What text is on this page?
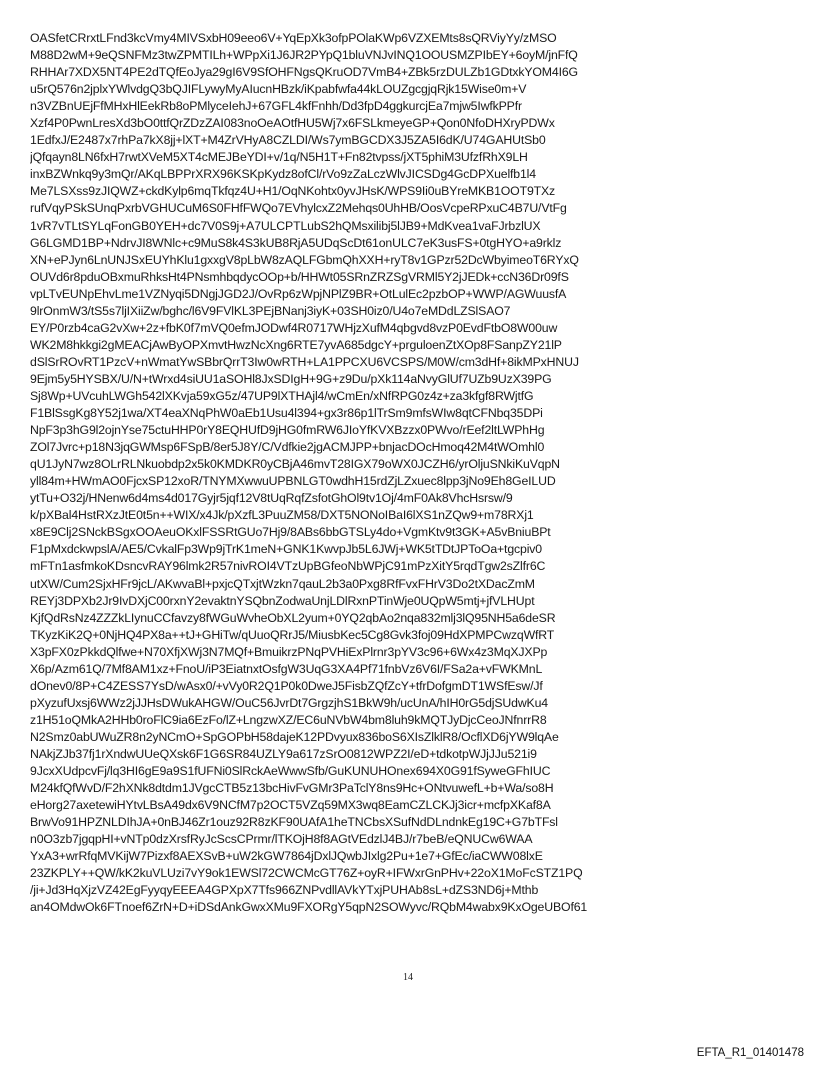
OASfetCRrxtLFnd3kcVmy4MIVSxbH09eeo6V+YqEpXk3ofpPOlaKWp6VZXEMts8sQRViyYy/zMSO
M88D2wM+9eQSNFMz3twZPMTILh+WPpXi1J6JR2PYpQ1bluVNJvINQ1OOUSMZPIbEY+6oyM/jnFfQ
RHHAr7XDX5NT4PE2dTQfEoJya29gI6V9SfOHFNgsQKruOD7VmB4+ZBk5rzDULZb1GDtxkYOM4I6G
u5rQ576n2jplxYWlvdgQ3bQJIFLywyMyAIucnHBzk/iKpabfwfa44kLOUZgcgjqRjk15Wise0m+V
n3VZBnUEjFfMHxHlEekRb8oPMlyceIehJ+67GFL4kfFnhh/Dd3fpD4ggkurcjEa7mjw5IwfkPPfr
Xzf4P0PwnLresXd3bO0ttfQrZDzZAI083noOeAOtfHU5Wj7x6FSLkmeyeGP+Qon0NfoDHXryPDWx
1EdfxJ/E2487x7rhPa7kX8jj+lXT+M4ZrVHyA8CZLDI/Ws7ymBGCDX3J5ZA5I6dK/U74GAHUtSb0
jQfqayn8LN6fxH7rwtXVeM5XT4cMEJBeYDI+v/1q/N5H1T+Fn82tvpss/jXT5phiM3UfzfRhX9LH
inxBZWnkq9y3mQr/AKqLBPPrXRX96KSKpKydz8ofCl/rVo9zZaLczWlvJICSDg4GcDPXuelfb1l4
Me7LSXss9zJIQWZ+ckdKylp6mqTkfqz4U+H1/OqNKohtx0yvJHsK/WPS9Ii0uBYreMKB1OOT9TXz
rufVqyPSkSUnqPxrbVGHUCuM6S0FHfFWQo7EVhylcxZ2Mehqs0UhHB/OosVcpeRPxuC4B7U/VtFg
1vR7vTLtSYLqFonGB0YEH+dc7V0S9j+A7ULCPTLubS2hQMsxilibj5lJB9+MdKvea1vaFJrbzlUX
G6LGMD1BP+NdrvJI8WNlc+c9MuS8k4S3kUB8RjA5UDqScDt61onULC7eK3usFS+0tgHYO+a9rklz
XN+ePJyn6LnUNJSxEUYhKlu1gxxgV8pLbW8zAQLFGbmQhXXH+ryT8v1GPzr52DcWbyimeoT6RYxQ
OUVd6r8pduOBxmuRhksHt4PNsmhbqdycOOp+b/HHWt05SRnZRZSgVRMl5Y2jJEDk+ccN36Dr09fS
vpLTvEUNpEhvLme1VZNyqi5DNgjJGD2J/OvRp6zWpjNPlZ9BR+OtLulEc2pzbOP+WWP/AGWuusfA
9lrOnmW3/tS5s7ljIXiiZw/bghc/l6V9FVlKL3PEjBNanj3iyK+03SH0iz0/U4o7eMDdLZSlSAO7
EY/P0rzb4caG2vXw+2z+fbK0f7mVQ0efmJODwf4R0717WHjzXufM4qbgvd8vzP0EvdFtbO8W00uw
WK2M8hkkgi2gMEACjAwByOPXmvtHwzNcXng6RTE7yvA685dgcY+prguloenZtXOp8FSanpZY21lP
dSlSrROvRT1PzcV+nWmatYwSBbrQrrT3Iw0wRTH+LA1PPCXU6VCSPS/M0W/cm3dHf+8ikMPxHNUJ
9Ejm5y5HYSBX/U/N+tWrxd4siUU1aSOHl8JxSDIgH+9G+z9Du/pXk114aNvyGlUf7UZb9UzX39PG
Sj8Wp+UVcuhLWGh542lXKvja59xG5z/47UP9lXTHAjl4/wCmEn/xNfRPG0z4z+za3kfgf8RWjtfG
F1BlSsgKg8Y52j1wa/XT4eaXNqPhW0aEb1Usu4l394+gx3r86p1lTrSm9mfsWIw8qtCFNbq35DPi
NpF3p3hG9l2ojnYse75ctuHHP0rY8EQHUfD9jHG0fmRW6JIoYfKVXBzzx0PWvo/rEef2ltLWPhHg
ZOl7Jvrc+p18N3jqGWMsp6FSpB/8er5J8Y/C/Vdfkie2jgACMJPP+bnjacDOcHmoq42M4tWOmhl0
qU1JyN7wz8OLrRLNkuobdp2x5k0KMDKR0yCBjA46mvT28IGX79oWX0JCZH6/yrOljuSNkiKuVqpN
yll84m+HWmAO0FjcxSP12xoR/TNYMXwwuUPBNLGT0wdhH15rdZjLZxuec8lpp3jNo9Eh8GeILUD
ytTu+O32j/HNenw6d4ms4d017Gyjr5jqf12V8tUqRqfZsfotGhOl9tv1Oj/4mF0Ak8VhcHsrsw/9
k/pXBal4HstRXzJtE0t5n++WIX/x4Jk/pXzfL3PuuZM58/DXT5NONoIBaI6lXS1nZQw9+m78RXj1
x8E9Clj2SNckBSgxOOAeuOKxlFSSRtGUo7Hj9/8ABs6bbGTSLy4do+VgmKtv9t3GK+A5vBniuBPt
F1pMxdckwpslA/AE5/CvkalFp3Wp9jTrK1meN+GNK1KwvpJb5L6JWj+WK5tTDtJPToOa+tgcpiv0
mFTn1asfmkoKDsncvRAY96lmk2R57nivROI4VTzUpBGfeoNbWPjC91mPzXitY5rqdTgw2sZlfr6C
utXW/Cum2SjxHFr9jcL/AKwvaBl+pxjcQTxjtWzkn7qauL2b3a0Pxg8RfFvxFHrV3Do2tXDacZmM
REYj3DPXb2Jr9IvDXjC00rxnY2evaktnYSQbnZodwaUnjLDlRxnPTinWje0UQpW5mtj+jfVLHUpt
KjfQdRsNz4ZZZkLIynuCCfavzy8fWGuWvheObXL2yum+0YQ2qbAo2nqa832mlj3lQ95NH5a6deSR
TKyzKiK2Q+0NjHQ4PX8a++tJ+GHiTw/qUuoQRrJ5/MiusbKec5Cg8Gvk3foj09HdXPMPCwzqWfRT
X3pFX0zPkkdQlfwe+N70XfjXWj3N7MQf+BmuikrzPNqPVHiExPlrnr3pYV3c96+6Wx4z3MqXJXPp
X6p/Azm61Q/7Mf8AM1xz+FnoU/iP3EiatnxtOsfgW3UqG3XA4Pf71fnbVz6V6I/FSa2a+vFWKMnL
dOnev0/8P+C4ZESS7YsD/wAsx0/+vVy0R2Q1P0k0DweJ5FisbZQfZcY+tfrDofgmDT1WSfEsw/Jf
pXyzufUxsj6WWz2jJJHsDWukAHGW/OuC56JvrDt7GrgzjhS1BkW9h/ucUnA/hIH0rG5djSUdwKu4
z1H51oQMkA2HHb0roFlC9ia6EzFo/lZ+LngzwXZ/EC6uNVbW4bm8luh9kMQTJyDjcCeoJNfnrrR8
N2Smz0abUWuZR8n2yNCmO+SpGOPbH58dajeK12PDvyux836boS6XIsZlklR8/OcflXD6jYW9lqAe
NAkjZJb37fj1rXndwUUeQXsk6F1G6SR84UZLY9a617zSrO0812WPZ2I/eD+tdkotpWJjJJu521i9
9JcxXUdpcvFj/lq3HI6gE9a9S1fUFNi0SlRckAeWwwSfb/GuKUNUHOnex694X0G91fSyweGFhIUC
M24kfQfWvD/F2hXNk8dtdm1JVgcCTB5z13bcHivFvGMr3PaTclY8ns9Hc+ONtvuwefL+b+Wa/so8H
eHorg27axetewiHYtvLBsA49dx6V9NCfM7p2OCT5VZq59MX3wq8EamCZLCKJj3icr+mcfpXKaf8A
BrwVo91HPZNLDIhJA+0nBJ46Zr1ouz92R8zKF90UAfA1heTNCbsXSufNdDLndnkEg19C+G7bTFsl
n0O3zb7jgqpHI+vNTp0dzXrsfRyJcScsCPrmr/lTKOjH8f8AGtVEdzlJ4BJ/r7beB/eQNUCw6WAA
YxA3+wrRfqMVKijW7Pizxf8AEXSvB+uW2kGW7864jDxlJQwbJIxlg2Pu+1e7+GfEc/iaCWW08lxE
23ZKPLY++QW/kK2kuVLUzi7vY9ok1EWSl72CWCMcGT76Z+oyR+IFWxrGnPHv+22oX1MoFcSTZ1PQ
/ji+Jd3HqXjzVZ42EgFyyqyEEEA4GPXpX7Tfs966ZNPvdllAVkYTxjPUHAb8sL+dZS3ND6j+Mthb
an4OMdwOk6FTnoef6ZrN+D+iDSdAnkGwxXMu9FXORgY5qpN2SOWyvc/RQbM4wabx9KxOgeUBOf61
14
EFTA_R1_01401478
